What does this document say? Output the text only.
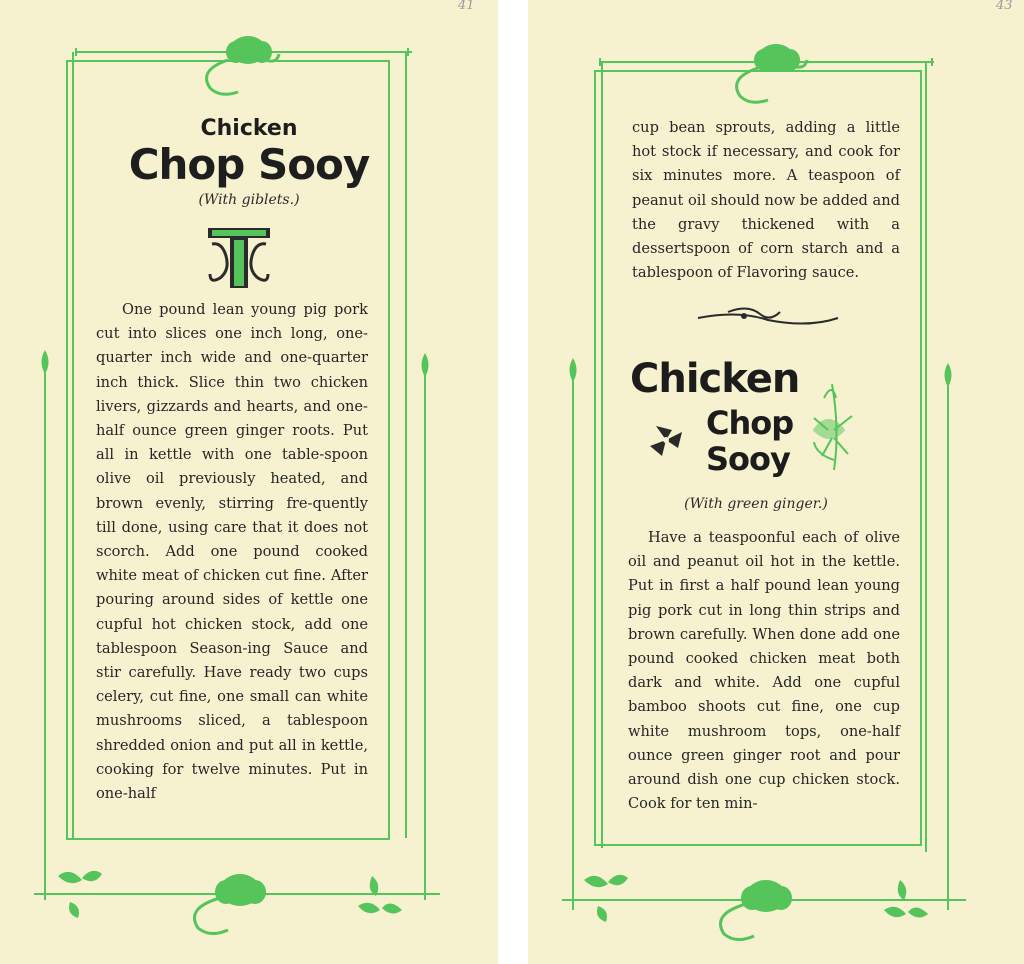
41
Chicken
Chop Sooy
(With giblets.)
One pound lean young pig pork cut into slices one inch long, one-quarter inch wide and one-quarter inch thick. Slice thin two chicken livers, gizzards and hearts, and one-half ounce green ginger roots. Put all in kettle with one table-spoon olive oil previously heated, and brown evenly, stirring fre-quently till done, using care that it does not scorch. Add one pound cooked white meat of chicken cut fine. After pouring around sides of kettle one cupful hot chicken stock, add one tablespoon Season-ing Sauce and stir carefully. Have ready two cups celery, cut fine, one small can white mushrooms sliced, a tablespoon shredded onion and put all in kettle, cooking for twelve minutes. Put in one-half
43
cup bean sprouts, adding a little hot stock if necessary, and cook for six minutes more. A teaspoon of peanut oil should now be added and the gravy thickened with a dessertspoon of corn starch and a tablespoon of Flavoring sauce.
Chicken
Chop
Sooy
(With green ginger.)
Have a teaspoonful each of olive oil and peanut oil hot in the kettle. Put in first a half pound lean young pig pork cut in long thin strips and brown carefully. When done add one pound cooked chicken meat both dark and white. Add one cupful bamboo shoots cut fine, one cup white mushroom tops, one-half ounce green ginger root and pour around dish one cup chicken stock. Cook for ten min-
